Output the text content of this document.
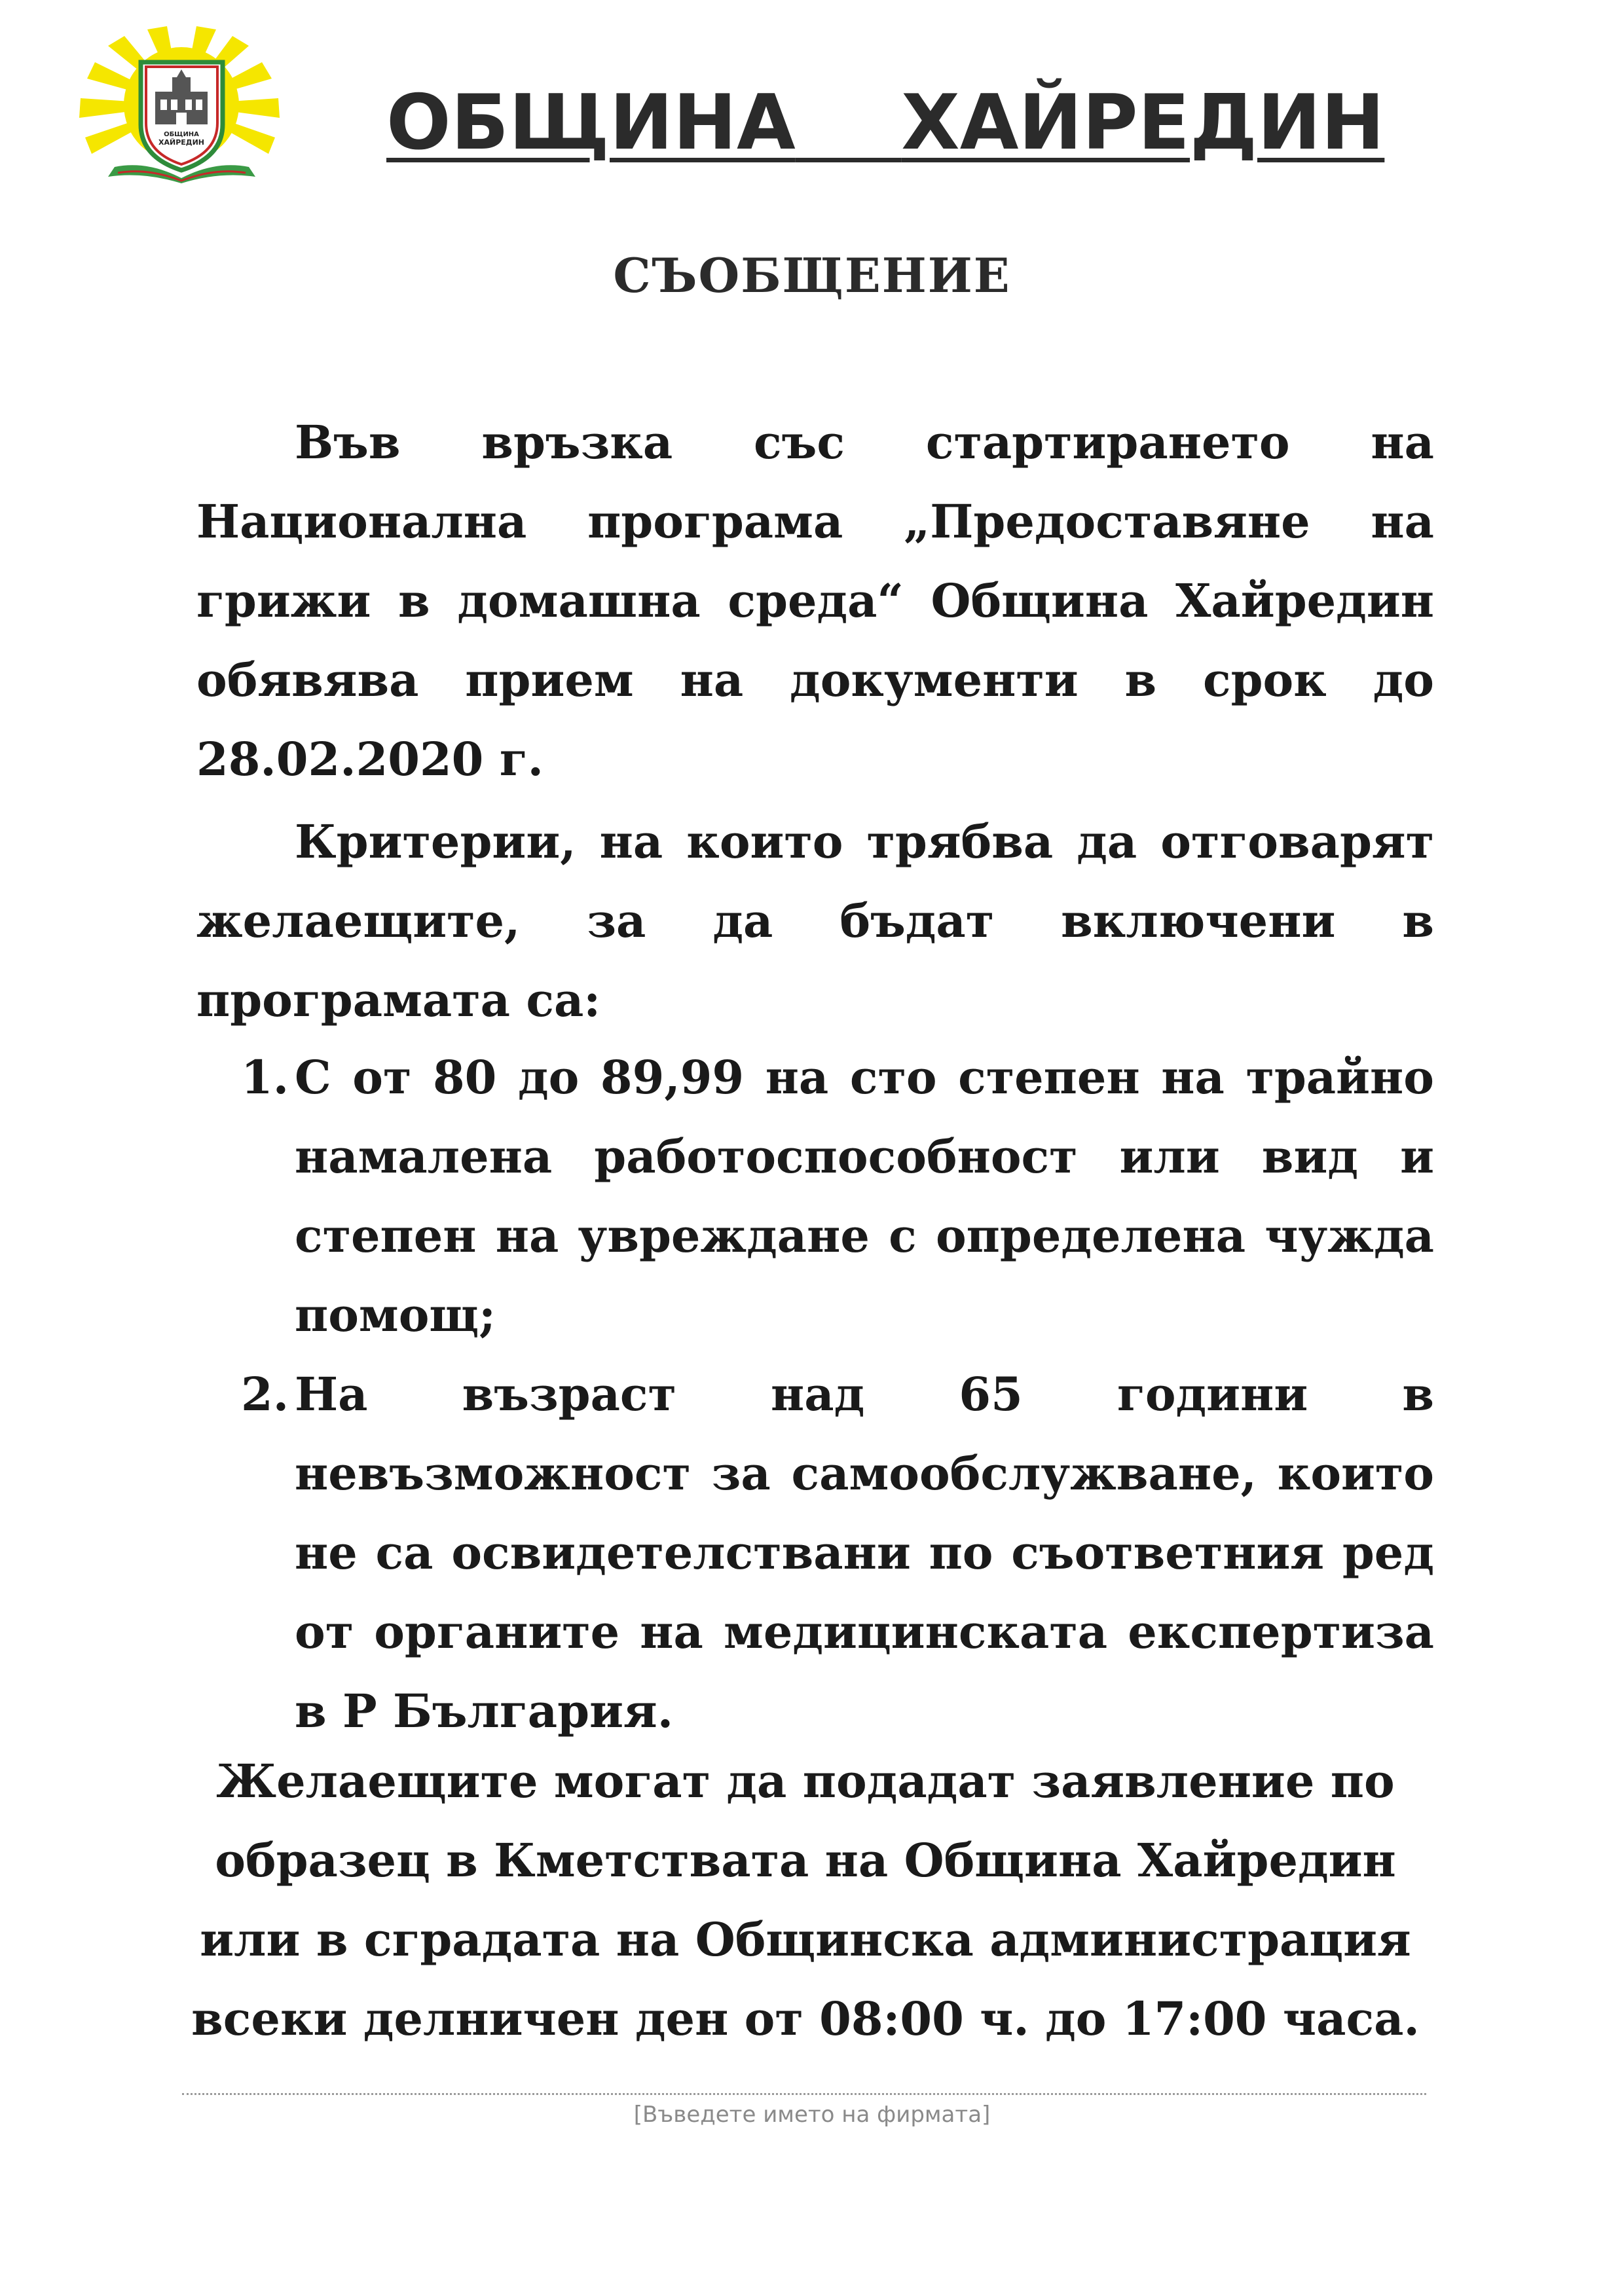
ОБЩИНА
ХАЙРЕДИН ОБЩИНА ХАЙРЕДИН
СЪОБЩЕНИЕ

Във връзка със стартирането на Национална програма „Предоставяне на грижи в домашна среда“ Община Хайредин обявява прием на документи в срок до 28.02.2020 г.

Критерии, на които трябва да отговарят желаещите, за да бъдат включени в програмата са:

1. С от 80 до 89,99 на сто степен на трайно намалена работоспособност или вид и степен на увреждане с определена чужда помощ;
2. На възраст над 65 години в невъзможност за самообслужване, които не са освидетелствани по съответния ред от органите на медицинската експертиза в Р България.
Желаещите могат да подадат заявление по
образец в Кметствата на Община Хайредин
или в сградата на Общинска администрация
всеки делничен ден от 08:00 ч. до 17:00 часа.
[Въведете името на фирмата]
